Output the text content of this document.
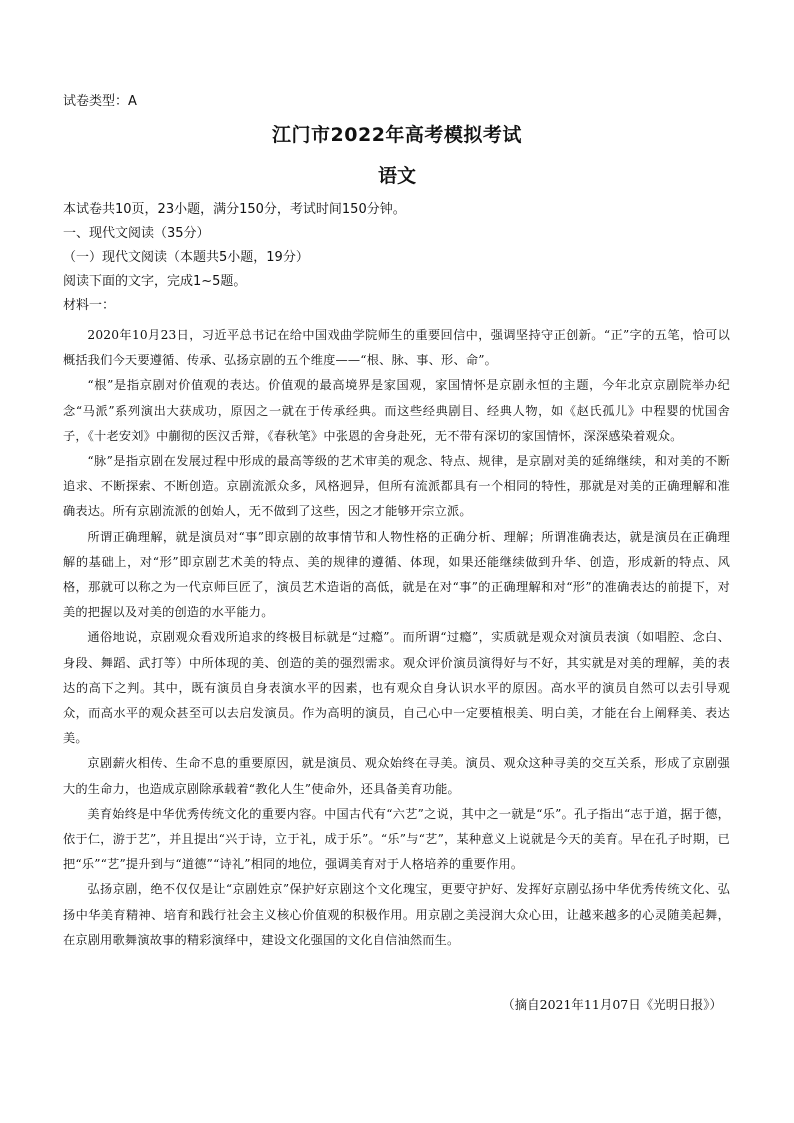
试卷类型：A
江门市2022年高考模拟考试
语文
本试卷共10页，23小题，满分150分，考试时间150分钟。
一、现代文阅读（35分）
（一）现代文阅读（本题共5小题，19分）
阅读下面的文字，完成1~5题。
材料一：

2020年10月23日，习近平总书记在给中国戏曲学院师生的重要回信中，强调坚持守正创新。“正”字的五笔，恰可以概括我们今天要遵循、传承、弘扬京剧的五个维度——“根、脉、事、形、命”。

“根”是指京剧对价值观的表达。价值观的最高境界是家国观，家国情怀是京剧永恒的主题，今年北京京剧院举办纪念“马派”系列演出大获成功，原因之一就在于传承经典。而这些经典剧目、经典人物，如《赵氏孤儿》中程婴的忧国舍子，《十老安刘》中蒯彻的医汉舌辩，《春秋笔》中张恩的舍身赴死，无不带有深切的家国情怀，深深感染着观众。

“脉”是指京剧在发展过程中形成的最高等级的艺术审美的观念、特点、规律，是京剧对美的延绵继续，和对美的不断追求、不断探索、不断创造。京剧流派众多，风格迥异，但所有流派都具有一个相同的特性，那就是对美的正确理解和准确表达。所有京剧流派的创始人，无不做到了这些，因之才能够开宗立派。

所谓正确理解，就是演员对“事”即京剧的故事情节和人物性格的正确分析、理解；所谓准确表达，就是演员在正确理解的基础上，对“形”即京剧艺术美的特点、美的规律的遵循、体现，如果还能继续做到升华、创造，形成新的特点、风格，那就可以称之为一代京师巨匠了，演员艺术造诣的高低，就是在对“事”的正确理解和对“形”的准确表达的前提下，对美的把握以及对美的创造的水平能力。

通俗地说，京剧观众看戏所追求的终极目标就是“过瘾”。而所谓“过瘾”，实质就是观众对演员表演（如唱腔、念白、身段、舞蹈、武打等）中所体现的美、创造的美的强烈需求。观众评价演员演得好与不好，其实就是对美的理解，美的表达的高下之判。其中，既有演员自身表演水平的因素，也有观众自身认识水平的原因。高水平的演员自然可以去引导观众，而高水平的观众甚至可以去启发演员。作为高明的演员，自己心中一定要植根美、明白美，才能在台上阐释美、表达美。

京剧薪火相传、生命不息的重要原因，就是演员、观众始终在寻美。演员、观众这种寻美的交互关系，形成了京剧强大的生命力，也造成京剧除承载着“教化人生”使命外，还具备美育功能。

美育始终是中华优秀传统文化的重要内容。中国古代有“六艺”之说，其中之一就是“乐”。孔子指出“志于道，据于德，依于仁，游于艺”，并且提出“兴于诗，立于礼，成于乐”。“乐”与“艺”，某种意义上说就是今天的美育。早在孔子时期，已把“乐”“艺”提升到与“道德”“诗礼”相同的地位，强调美育对于人格培养的重要作用。

弘扬京剧，绝不仅仅是让“京剧姓京”保护好京剧这个文化瑰宝，更要守护好、发挥好京剧弘扬中华优秀传统文化、弘扬中华美育精神、培育和践行社会主义核心价值观的积极作用。用京剧之美浸润大众心田，让越来越多的心灵随美起舞，在京剧用歌舞演故事的精彩演绎中，建设文化强国的文化自信油然而生。

（摘自2021年11月07日《光明日报》）
